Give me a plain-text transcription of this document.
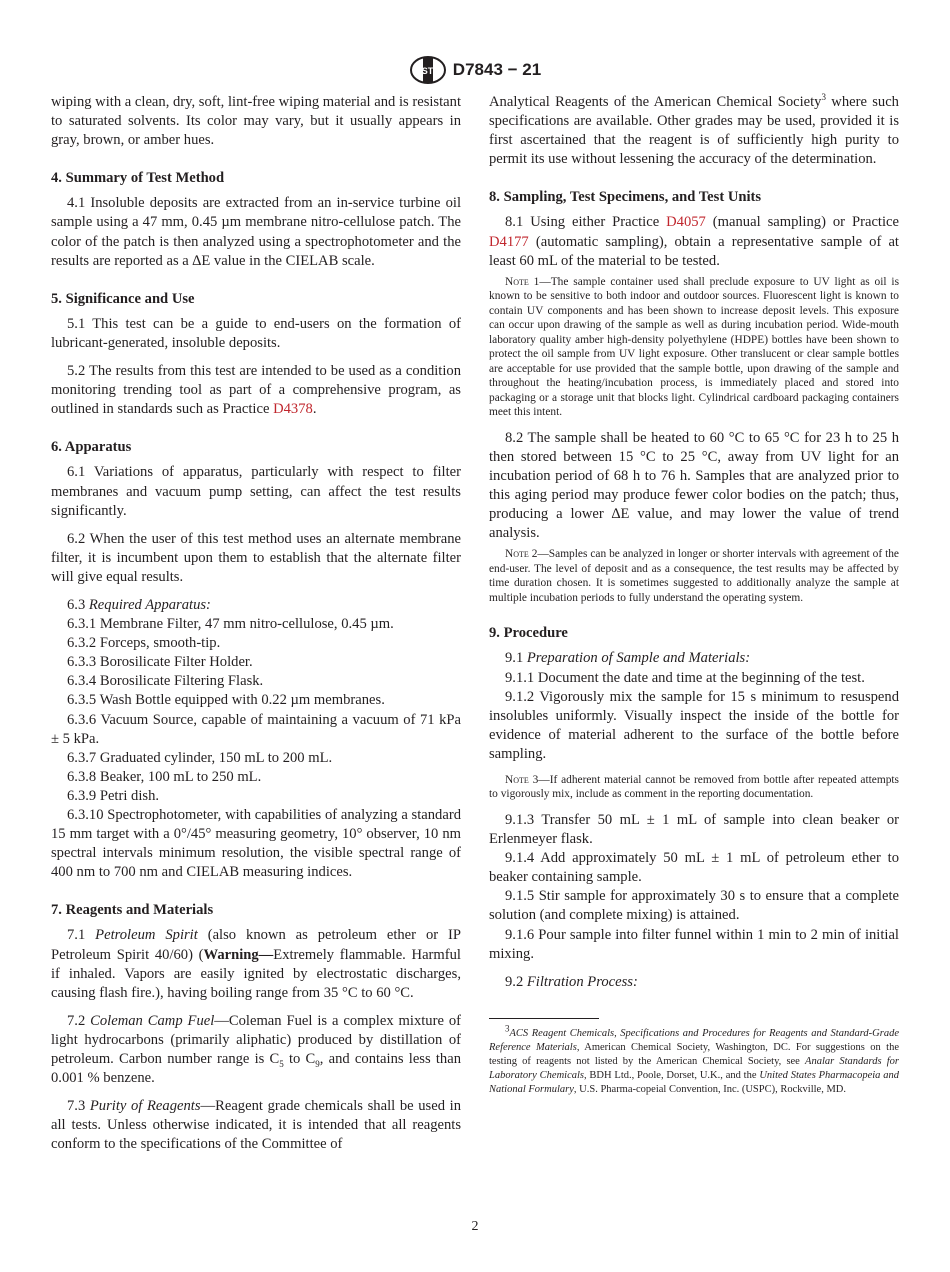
ASTM D7843 − 21

wiping with a clean, dry, soft, lint-free wiping material and is resistant to saturated solvents. Its color may vary, but it usually appears in gray, brown, or amber hues.

4. Summary of Test Method

4.1 Insoluble deposits are extracted from an in-service turbine oil sample using a 47 mm, 0.45 µm membrane nitro-cellulose patch. The color of the patch is then analyzed using a spectrophotometer and the results are reported as a ∆E value in the CIELAB scale.

5. Significance and Use

5.1 This test can be a guide to end-users on the formation of lubricant-generated, insoluble deposits.

5.2 The results from this test are intended to be used as a condition monitoring trending tool as part of a comprehensive program, as outlined in standards such as Practice D4378.

6. Apparatus

6.1 Variations of apparatus, particularly with respect to filter membranes and vacuum pump setting, can affect the test results significantly.

6.2 When the user of this test method uses an alternate membrane filter, it is incumbent upon them to establish that the alternate filter will give equal results.

6.3 Required Apparatus:

6.3.1 Membrane Filter, 47 mm nitro-cellulose, 0.45 µm.

6.3.2 Forceps, smooth-tip.

6.3.3 Borosilicate Filter Holder.

6.3.4 Borosilicate Filtering Flask.

6.3.5 Wash Bottle equipped with 0.22 µm membranes.

6.3.6 Vacuum Source, capable of maintaining a vacuum of 71 kPa ± 5 kPa.

6.3.7 Graduated cylinder, 150 mL to 200 mL.

6.3.8 Beaker, 100 mL to 250 mL.

6.3.9 Petri dish.

6.3.10 Spectrophotometer, with capabilities of analyzing a standard 15 mm target with a 0°/45° measuring geometry, 10° observer, 10 nm spectral intervals minimum resolution, the visible spectral range of 400 nm to 700 nm and CIELAB measuring indices.

7. Reagents and Materials

7.1 Petroleum Spirit (also known as petroleum ether or IP Petroleum Spirit 40/60) (Warning—Extremely flammable. Harmful if inhaled. Vapors are easily ignited by electrostatic discharges, causing flash fire.), having boiling range from 35 °C to 60 °C.

7.2 Coleman Camp Fuel—Coleman Fuel is a complex mixture of light hydrocarbons (primarily aliphatic) produced by distillation of petroleum. Carbon number range is $C_5$ to $C_9$, and contains less than 0.001 % benzene.

7.3 Purity of Reagents—Reagent grade chemicals shall be used in all tests. Unless otherwise indicated, it is intended that all reagents conform to the specifications of the Committee of

Analytical Reagents of the American Chemical Society$^3$ where such specifications are available. Other grades may be used, provided it is first ascertained that the reagent is of sufficiently high purity to permit its use without lessening the accuracy of the determination.

8. Sampling, Test Specimens, and Test Units

8.1 Using either Practice D4057 (manual sampling) or Practice D4177 (automatic sampling), obtain a representative sample of at least 60 mL of the material to be tested.

Note 1—The sample container used shall preclude exposure to UV light as oil is known to be sensitive to both indoor and outdoor sources. Fluorescent light is known to contain UV components and has been shown to increase deposit levels. This exposure can occur upon drawing of the sample as well as during incubation period. Wide-mouth laboratory quality amber high-density polyethylene (HDPE) bottles have been shown to protect the oil sample from UV light exposure. Other translucent or clear sample bottles are acceptable for use provided that the sample bottle, upon drawing of the sample and throughout the heating/incubation process, is immediately placed and stored into packaging or a storage unit that blocks light. Cylindrical cardboard packaging containers meet this intent.

8.2 The sample shall be heated to 60 °C to 65 °C for 23 h to 25 h then stored between 15 °C to 25 °C, away from UV light for an incubation period of 68 h to 76 h. Samples that are analyzed prior to this aging period may produce fewer color bodies on the patch; thus, producing a lower ∆E value, and may lower the value of trend analysis.

Note 2—Samples can be analyzed in longer or shorter intervals with agreement of the end-user. The level of deposit and as a consequence, the test results may be affected by time duration chosen. It is sometimes suggested to additionally analyze the sample at multiple incubation periods to fully understand the operating system.

9. Procedure

9.1 Preparation of Sample and Materials:

9.1.1 Document the date and time at the beginning of the test.

9.1.2 Vigorously mix the sample for 15 s minimum to resuspend insolubles uniformly. Visually inspect the inside of the bottle for evidence of material adherent to the surface of the bottle before sampling.

Note 3—If adherent material cannot be removed from bottle after repeated attempts to vigorously mix, include as comment in the reporting documentation.

9.1.3 Transfer 50 mL ± 1 mL of sample into clean beaker or Erlenmeyer flask.

9.1.4 Add approximately 50 mL ± 1 mL of petroleum ether to beaker containing sample.

9.1.5 Stir sample for approximately 30 s to ensure that a complete solution (and complete mixing) is attained.

9.1.6 Pour sample into filter funnel within 1 min to 2 min of initial mixing.

9.2 Filtration Process:

$^3$ACS Reagent Chemicals, Specifications and Procedures for Reagents and Standard-Grade Reference Materials, American Chemical Society, Washington, DC. For suggestions on the testing of reagents not listed by the American Chemical Society, see Analar Standards for Laboratory Chemicals, BDH Ltd., Poole, Dorset, U.K., and the United States Pharmacopeia and National Formulary, U.S. Pharma-copeial Convention, Inc. (USPC), Rockville, MD.

2
